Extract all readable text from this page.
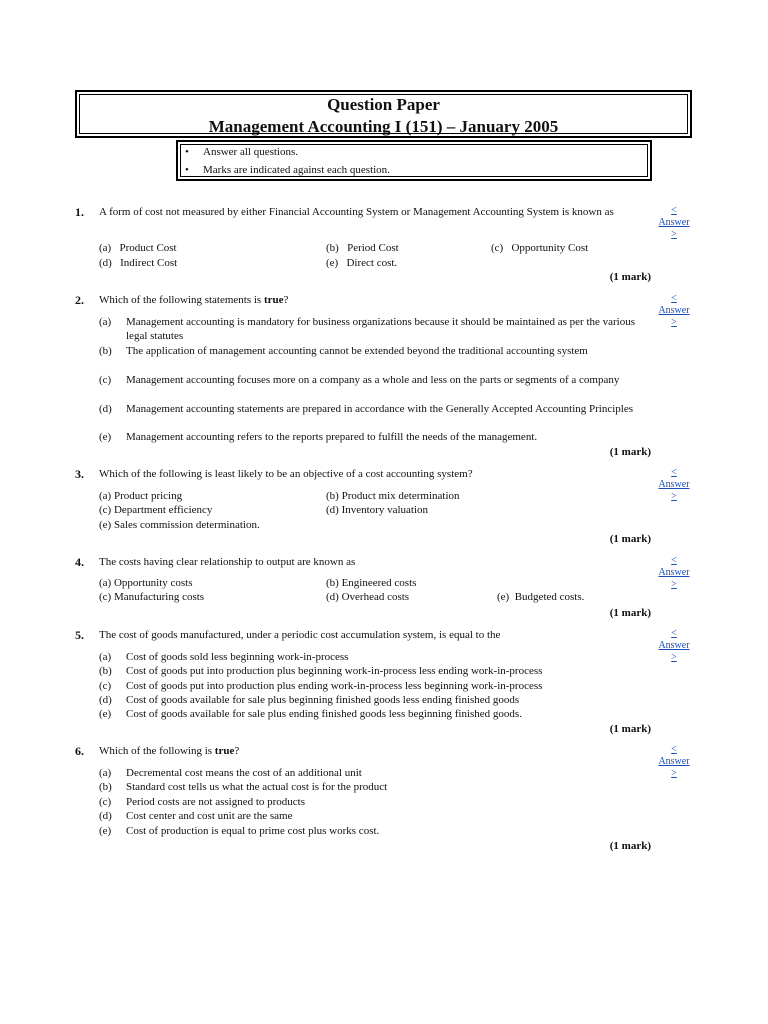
Question Paper
Management Accounting I (151) – January 2005
• Answer all questions.
• Marks are indicated against each question.
1. A form of cost not measured by either Financial Accounting System or Management Accounting System is known as
(a) Product Cost	(b) Period Cost	(c) Opportunity Cost
(d) Indirect Cost	(e) Direct cost.
(1 mark)
<
Answer
>
2. Which of the following statements is true?
(a) Management accounting is mandatory for business organizations because it should be maintained as per the various legal statutes
(b) The application of management accounting cannot be extended beyond the traditional accounting system
(c) Management accounting focuses more on a company as a whole and less on the parts or segments of a company
(d) Management accounting statements are prepared in accordance with the Generally Accepted Accounting Principles
(e) Management accounting refers to the reports prepared to fulfill the needs of the management.
(1 mark)
<
Answer
>
3. Which of the following is least likely to be an objective of a cost accounting system?
(a) Product pricing	(b) Product mix determination
(c) Department efficiency	(d) Inventory valuation
(e) Sales commission determination.
(1 mark)
<
Answer
>
4. The costs having clear relationship to output are known as
(a) Opportunity costs	(b) Engineered costs
(c) Manufacturing costs	(d) Overhead costs	(e) Budgeted costs.
(1 mark)
<
Answer
>
5. The cost of goods manufactured, under a periodic cost accumulation system, is equal to the
(a) Cost of goods sold less beginning work-in-process
(b) Cost of goods put into production plus beginning work-in-process less ending work-in-process
(c) Cost of goods put into production plus ending work-in-process less beginning work-in-process
(d) Cost of goods available for sale plus beginning finished goods less ending finished goods
(e) Cost of goods available for sale plus ending finished goods less beginning finished goods.
(1 mark)
<
Answer
>
6. Which of the following is true?
(a) Decremental cost means the cost of an additional unit
(b) Standard cost tells us what the actual cost is for the product
(c) Period costs are not assigned to products
(d) Cost center and cost unit are the same
(e) Cost of production is equal to prime cost plus works cost.
(1 mark)
<
Answer
>
